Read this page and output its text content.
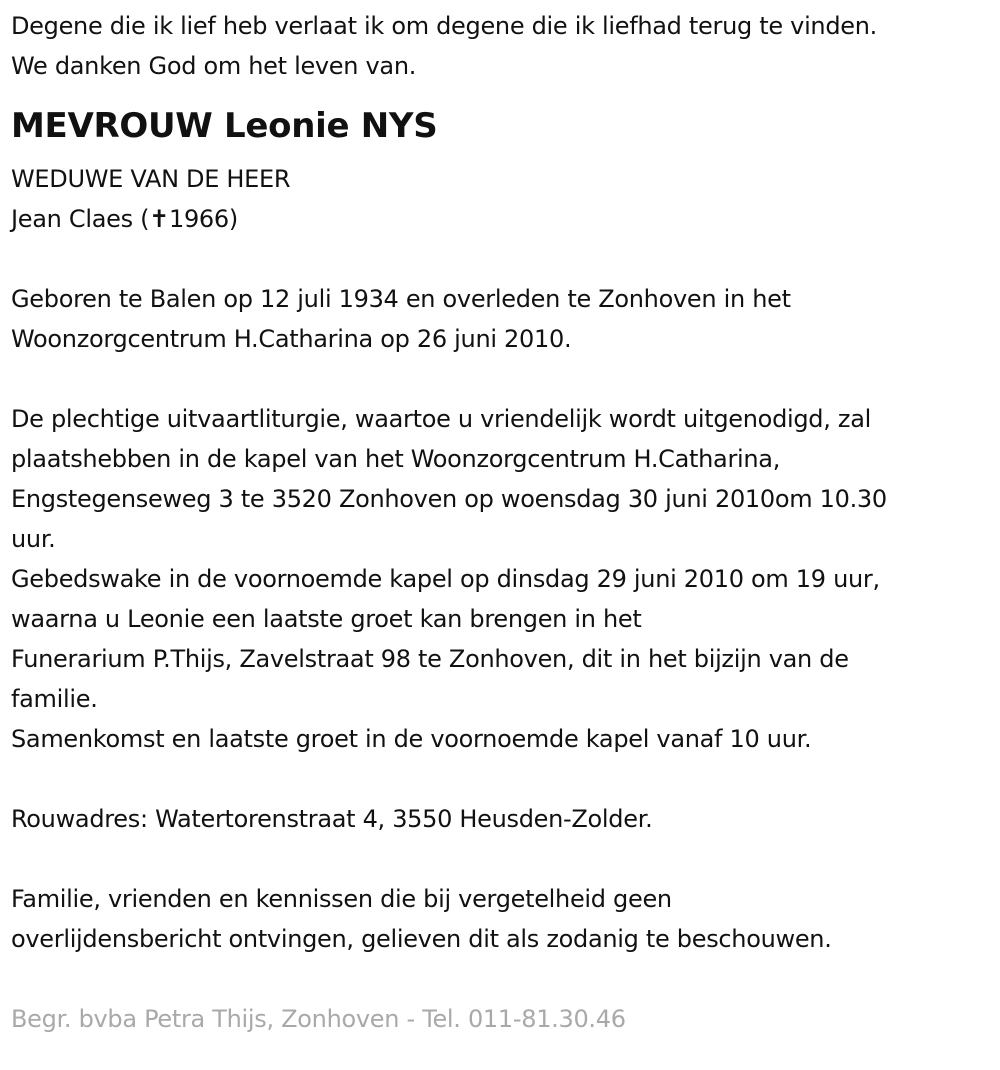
Degene die ik lief heb verlaat ik om degene die ik liefhad terug te vinden.
We danken God om het leven van.
MEVROUW Leonie NYS
WEDUWE VAN DE HEER
Jean Claes (✝1966)
Geboren te Balen op 12 juli 1934 en overleden te Zonhoven in het
Woonzorgcentrum H.Catharina op 26 juni 2010.
De plechtige uitvaartliturgie, waartoe u vriendelijk wordt uitgenodigd, zal
plaatshebben in de kapel van het Woonzorgcentrum H.Catharina,
Engstegenseweg 3 te 3520 Zonhoven op woensdag 30 juni 2010om 10.30
uur.
Gebedswake in de voornoemde kapel op dinsdag 29 juni 2010 om 19 uur,
waarna u Leonie een laatste groet kan brengen in het
Funerarium P.Thijs, Zavelstraat 98 te Zonhoven, dit in het bijzijn van de
familie.
Samenkomst en laatste groet in de voornoemde kapel vanaf 10 uur.
Rouwadres: Watertorenstraat 4, 3550 Heusden-Zolder.
Familie, vrienden en kennissen die bij vergetelheid geen
overlijdensbericht ontvingen, gelieven dit als zodanig te beschouwen.
Begr. bvba Petra Thijs, Zonhoven - Tel. 011-81.30.46
